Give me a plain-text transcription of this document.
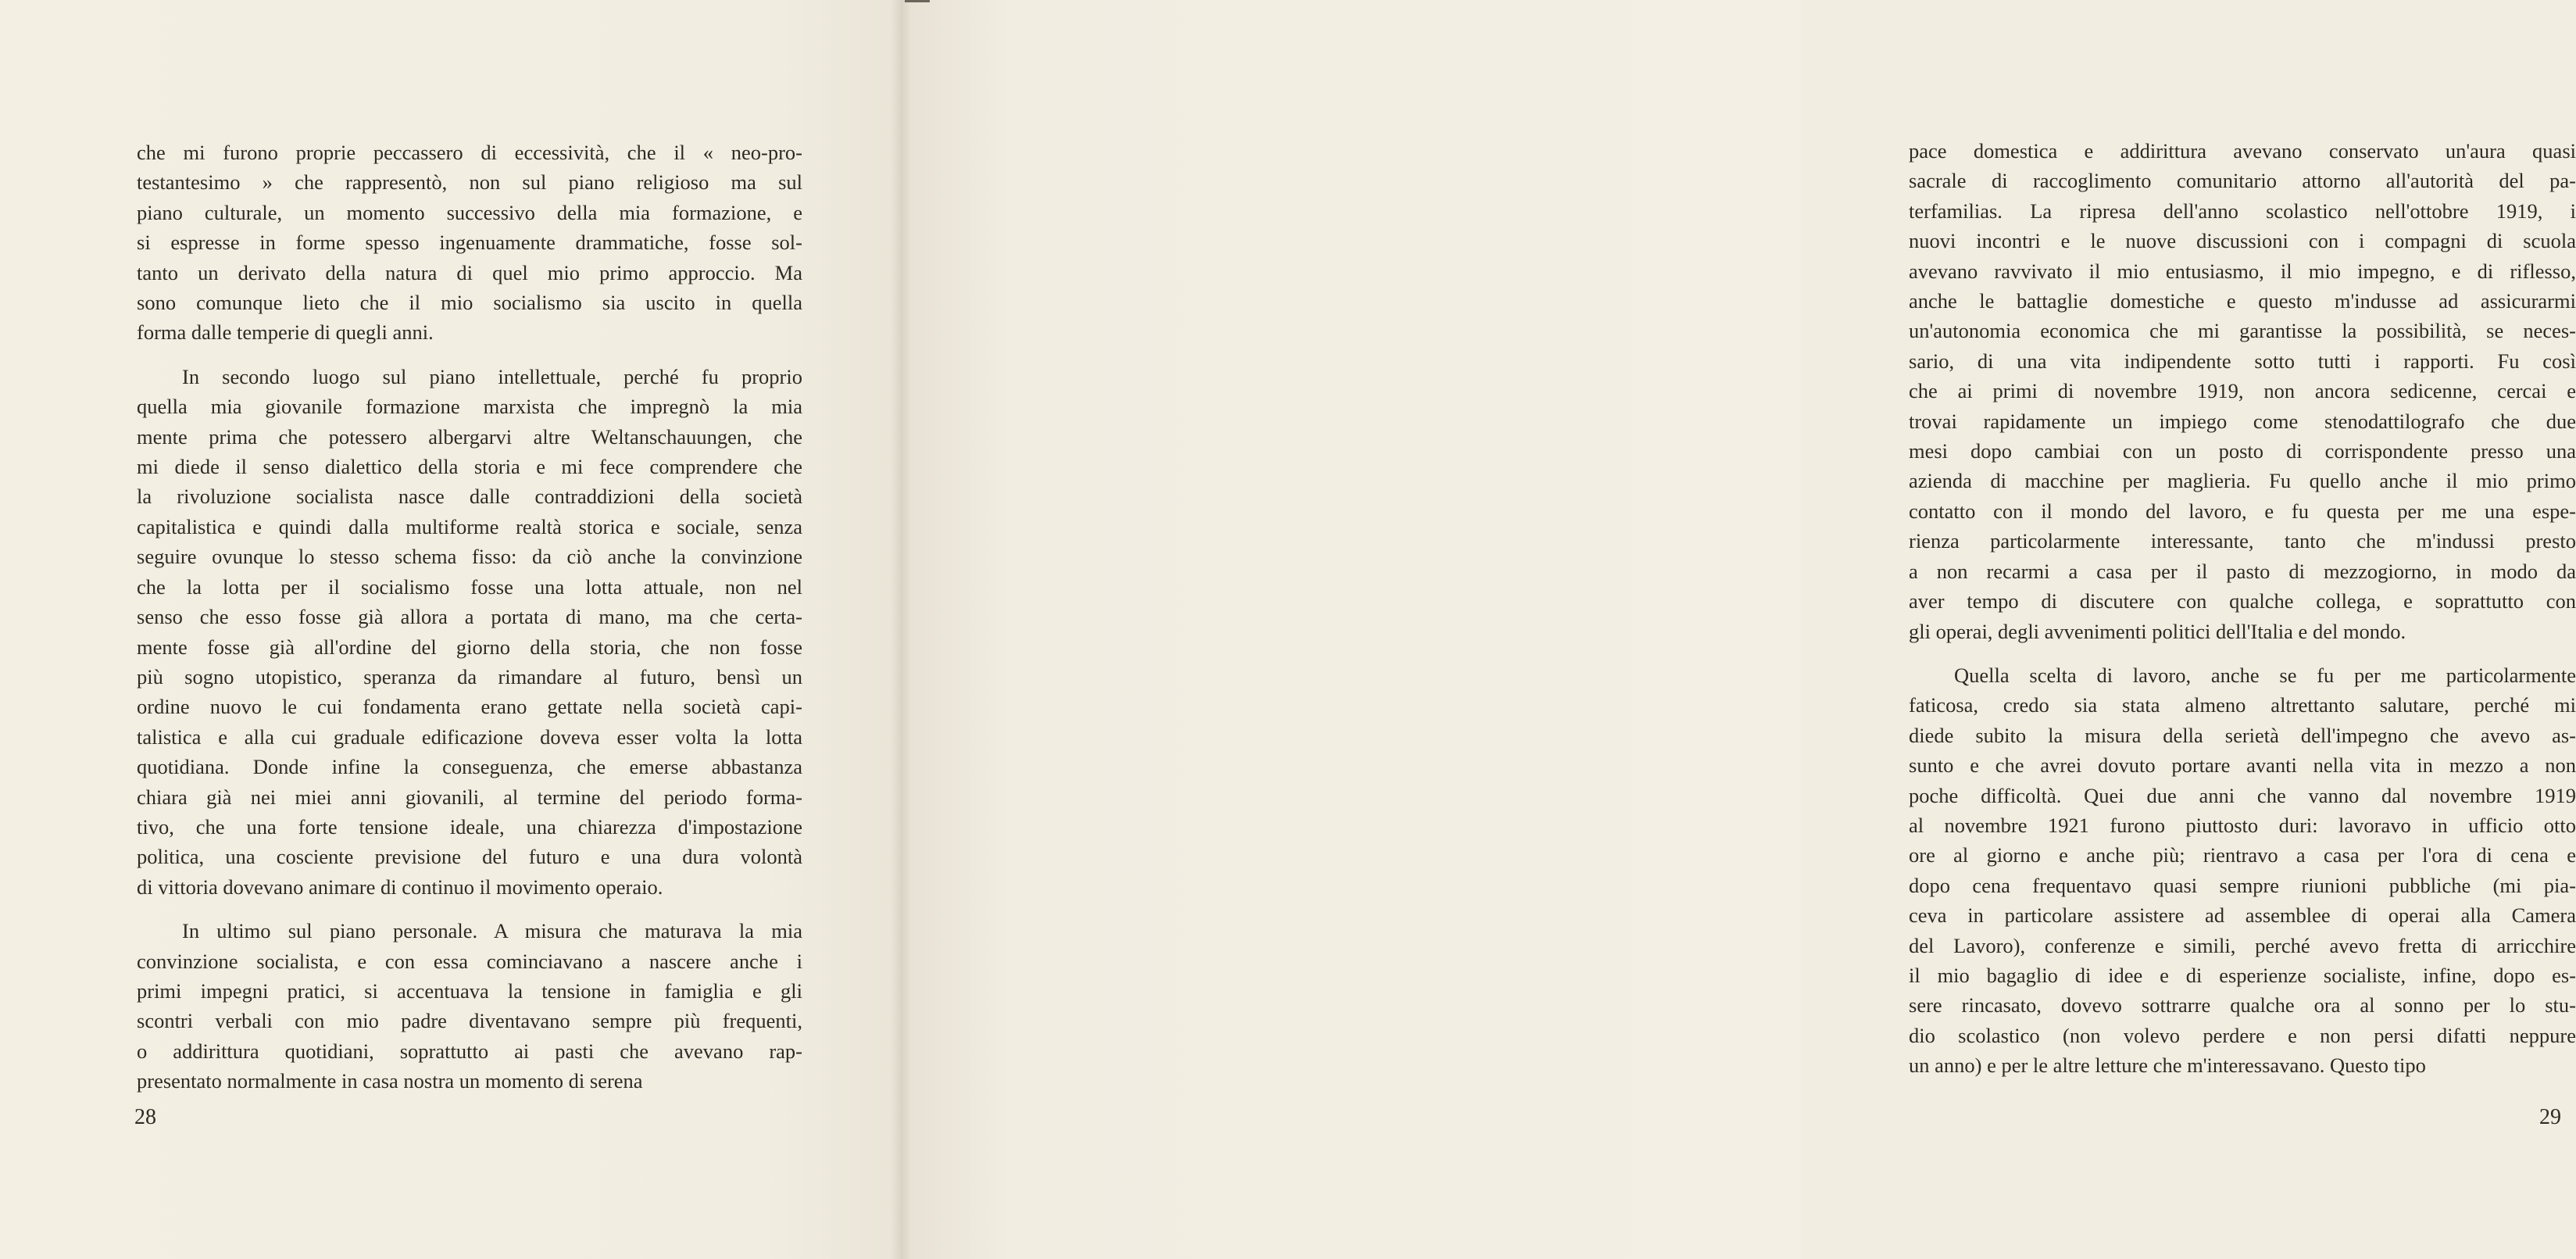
che mi furono proprie peccassero di eccessività, che il « neo-pro-
testantesimo » che rappresentò, non sul piano religioso ma sul
piano culturale, un momento successivo della mia formazione, e
si espresse in forme spesso ingenuamente drammatiche, fosse sol-
tanto un derivato della natura di quel mio primo approccio. Ma
sono comunque lieto che il mio socialismo sia uscito in quella
forma dalle temperie di quegli anni.
In secondo luogo sul piano intellettuale, perché fu proprio
quella mia giovanile formazione marxista che impregnò la mia
mente prima che potessero albergarvi altre Weltanschauungen, che
mi diede il senso dialettico della storia e mi fece comprendere che
la rivoluzione socialista nasce dalle contraddizioni della società
capitalistica e quindi dalla multiforme realtà storica e sociale, senza
seguire ovunque lo stesso schema fisso: da ciò anche la convinzione
che la lotta per il socialismo fosse una lotta attuale, non nel
senso che esso fosse già allora a portata di mano, ma che certa-
mente fosse già all'ordine del giorno della storia, che non fosse
più sogno utopistico, speranza da rimandare al futuro, bensì un
ordine nuovo le cui fondamenta erano gettate nella società capi-
talistica e alla cui graduale edificazione doveva esser volta la lotta
quotidiana. Donde infine la conseguenza, che emerse abbastanza
chiara già nei miei anni giovanili, al termine del periodo forma-
tivo, che una forte tensione ideale, una chiarezza d'impostazione
politica, una cosciente previsione del futuro e una dura volontà
di vittoria dovevano animare di continuo il movimento operaio.
In ultimo sul piano personale. A misura che maturava la mia
convinzione socialista, e con essa cominciavano a nascere anche i
primi impegni pratici, si accentuava la tensione in famiglia e gli
scontri verbali con mio padre diventavano sempre più frequenti,
o addirittura quotidiani, soprattutto ai pasti che avevano rap-
presentato normalmente in casa nostra un momento di serena
28
pace domestica e addirittura avevano conservato un'aura quasi
sacrale di raccoglimento comunitario attorno all'autorità del pa-
terfamilias. La ripresa dell'anno scolastico nell'ottobre 1919, i
nuovi incontri e le nuove discussioni con i compagni di scuola
avevano ravvivato il mio entusiasmo, il mio impegno, e di riflesso,
anche le battaglie domestiche e questo m'indusse ad assicurarmi
un'autonomia economica che mi garantisse la possibilità, se neces-
sario, di una vita indipendente sotto tutti i rapporti. Fu così
che ai primi di novembre 1919, non ancora sedicenne, cercai e
trovai rapidamente un impiego come stenodattilografo che due
mesi dopo cambiai con un posto di corrispondente presso una
azienda di macchine per maglieria. Fu quello anche il mio primo
contatto con il mondo del lavoro, e fu questa per me una espe-
rienza particolarmente interessante, tanto che m'indussi presto
a non recarmi a casa per il pasto di mezzogiorno, in modo da
aver tempo di discutere con qualche collega, e soprattutto con
gli operai, degli avvenimenti politici dell'Italia e del mondo.
Quella scelta di lavoro, anche se fu per me particolarmente
faticosa, credo sia stata almeno altrettanto salutare, perché mi
diede subito la misura della serietà dell'impegno che avevo as-
sunto e che avrei dovuto portare avanti nella vita in mezzo a non
poche difficoltà. Quei due anni che vanno dal novembre 1919
al novembre 1921 furono piuttosto duri: lavoravo in ufficio otto
ore al giorno e anche più; rientravo a casa per l'ora di cena e
dopo cena frequentavo quasi sempre riunioni pubbliche (mi pia-
ceva in particolare assistere ad assemblee di operai alla Camera
del Lavoro), conferenze e simili, perché avevo fretta di arricchire
il mio bagaglio di idee e di esperienze socialiste, infine, dopo es-
sere rincasato, dovevo sottrarre qualche ora al sonno per lo stu-
dio scolastico (non volevo perdere e non persi difatti neppure
un anno) e per le altre letture che m'interessavano. Questo tipo
29
